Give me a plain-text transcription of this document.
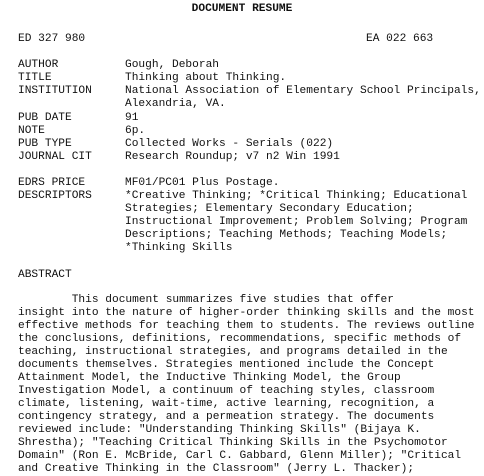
DOCUMENT RESUME
ED 327 980	EA 022 663
AUTHOR	Gough, Deborah
TITLE	Thinking about Thinking.
INSTITUTION	National Association of Elementary School Principals,
Alexandria, VA.
PUB DATE	91
NOTE	6p.
PUB TYPE	Collected Works - Serials (022)
JOURNAL CIT	Research Roundup; v7 n2 Win 1991
EDRS PRICE	MF01/PC01 Plus Postage.
DESCRIPTORS	*Creative Thinking; *Critical Thinking; Educational
Strategies; Elementary Secondary Education;
Instructional Improvement; Problem Solving; Program
Descriptions; Teaching Methods; Teaching Models;
*Thinking Skills
ABSTRACT
This document summarizes five studies that offer
insight into the nature of higher-order thinking skills and the most
effective methods for teaching them to students. The reviews outline
the conclusions, definitions, recommendations, specific methods of
teaching, instructional strategies, and programs detailed in the
documents themselves. Strategies mentioned include the Concept
Attainment Model, the Inductive Thinking Model, the Group
Investigation Model, a continuum of teaching styles, classroom
climate, listening, wait-time, active learning, recognition, a
contingency strategy, and a permeation strategy. The documents
reviewed include: "Understanding Thinking Skills" (Bijaya K.
Shrestha); "Teaching Critical Thinking Skills in the Psychomotor
Domain" (Ron E. McBride, Carl C. Gabbard, Glenn Miller); "Critical
and Creative Thinking in the Classroom" (Jerry L. Thacker);
